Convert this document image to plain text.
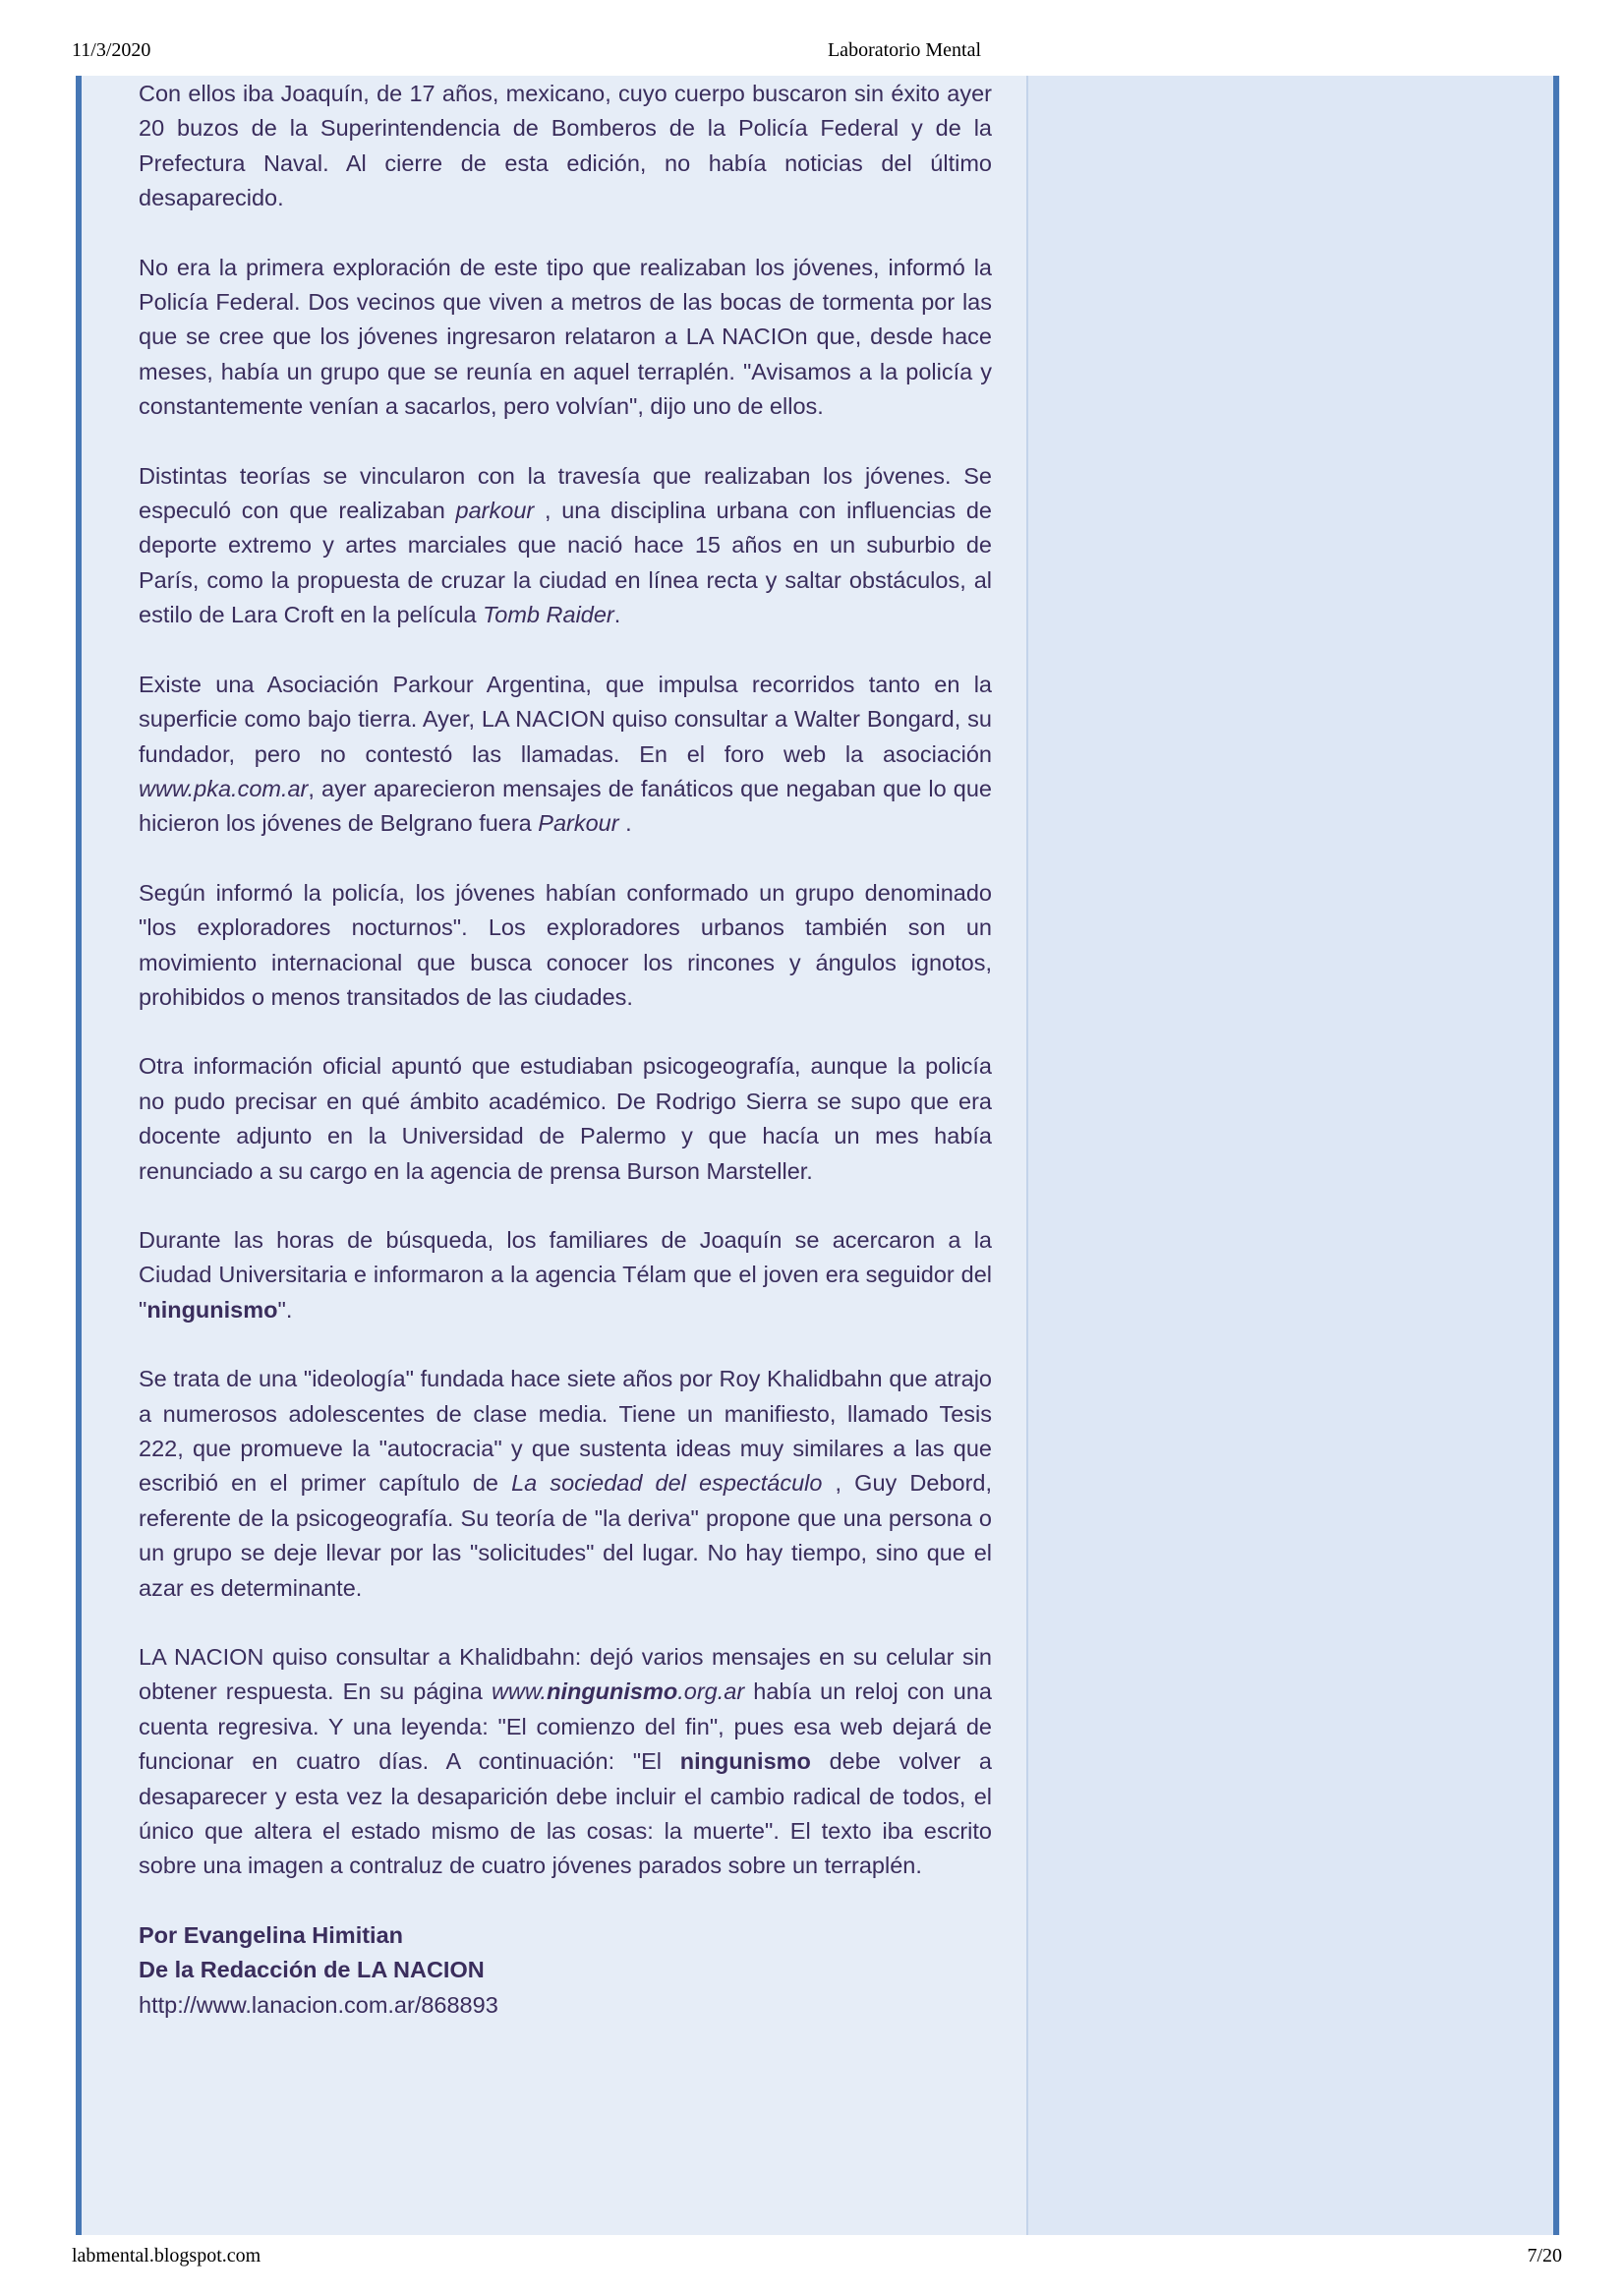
11/3/2020	Laboratorio Mental

Con ellos iba Joaquín, de 17 años, mexicano, cuyo cuerpo buscaron sin éxito ayer 20 buzos de la Superintendencia de Bomberos de la Policía Federal y de la Prefectura Naval. Al cierre de esta edición, no había noticias del último desaparecido.

No era la primera exploración de este tipo que realizaban los jóvenes, informó la Policía Federal. Dos vecinos que viven a metros de las bocas de tormenta por las que se cree que los jóvenes ingresaron relataron a LA NACIOn que, desde hace meses, había un grupo que se reunía en aquel terraplén. "Avisamos a la policía y constantemente venían a sacarlos, pero volvían", dijo uno de ellos.

Distintas teorías se vincularon con la travesía que realizaban los jóvenes. Se especuló con que realizaban parkour , una disciplina urbana con influencias de deporte extremo y artes marciales que nació hace 15 años en un suburbio de París, como la propuesta de cruzar la ciudad en línea recta y saltar obstáculos, al estilo de Lara Croft en la película Tomb Raider.

Existe una Asociación Parkour Argentina, que impulsa recorridos tanto en la superficie como bajo tierra. Ayer, LA NACION quiso consultar a Walter Bongard, su fundador, pero no contestó las llamadas. En el foro web la asociación www.pka.com.ar, ayer aparecieron mensajes de fanáticos que negaban que lo que hicieron los jóvenes de Belgrano fuera Parkour .

Según informó la policía, los jóvenes habían conformado un grupo denominado "los exploradores nocturnos". Los exploradores urbanos también son un movimiento internacional que busca conocer los rincones y ángulos ignotos, prohibidos o menos transitados de las ciudades.

Otra información oficial apuntó que estudiaban psicogeografía, aunque la policía no pudo precisar en qué ámbito académico. De Rodrigo Sierra se supo que era docente adjunto en la Universidad de Palermo y que hacía un mes había renunciado a su cargo en la agencia de prensa Burson Marsteller.

Durante las horas de búsqueda, los familiares de Joaquín se acercaron a la Ciudad Universitaria e informaron a la agencia Télam que el joven era seguidor del "ningunismo".

Se trata de una "ideología" fundada hace siete años por Roy Khalidbahn que atrajo a numerosos adolescentes de clase media. Tiene un manifiesto, llamado Tesis 222, que promueve la "autocracia" y que sustenta ideas muy similares a las que escribió en el primer capítulo de La sociedad del espectáculo , Guy Debord, referente de la psicogeografía. Su teoría de "la deriva" propone que una persona o un grupo se deje llevar por las "solicitudes" del lugar. No hay tiempo, sino que el azar es determinante.

LA NACION quiso consultar a Khalidbahn: dejó varios mensajes en su celular sin obtener respuesta. En su página www.ningunismo.org.ar había un reloj con una cuenta regresiva. Y una leyenda: "El comienzo del fin", pues esa web dejará de funcionar en cuatro días. A continuación: "El ningunismo debe volver a desaparecer y esta vez la desaparición debe incluir el cambio radical de todos, el único que altera el estado mismo de las cosas: la muerte". El texto iba escrito sobre una imagen a contraluz de cuatro jóvenes parados sobre un terraplén.

Por Evangelina Himitian
De la Redacción de LA NACION
http://www.lanacion.com.ar/868893
labmental.blogspot.com	7/20
